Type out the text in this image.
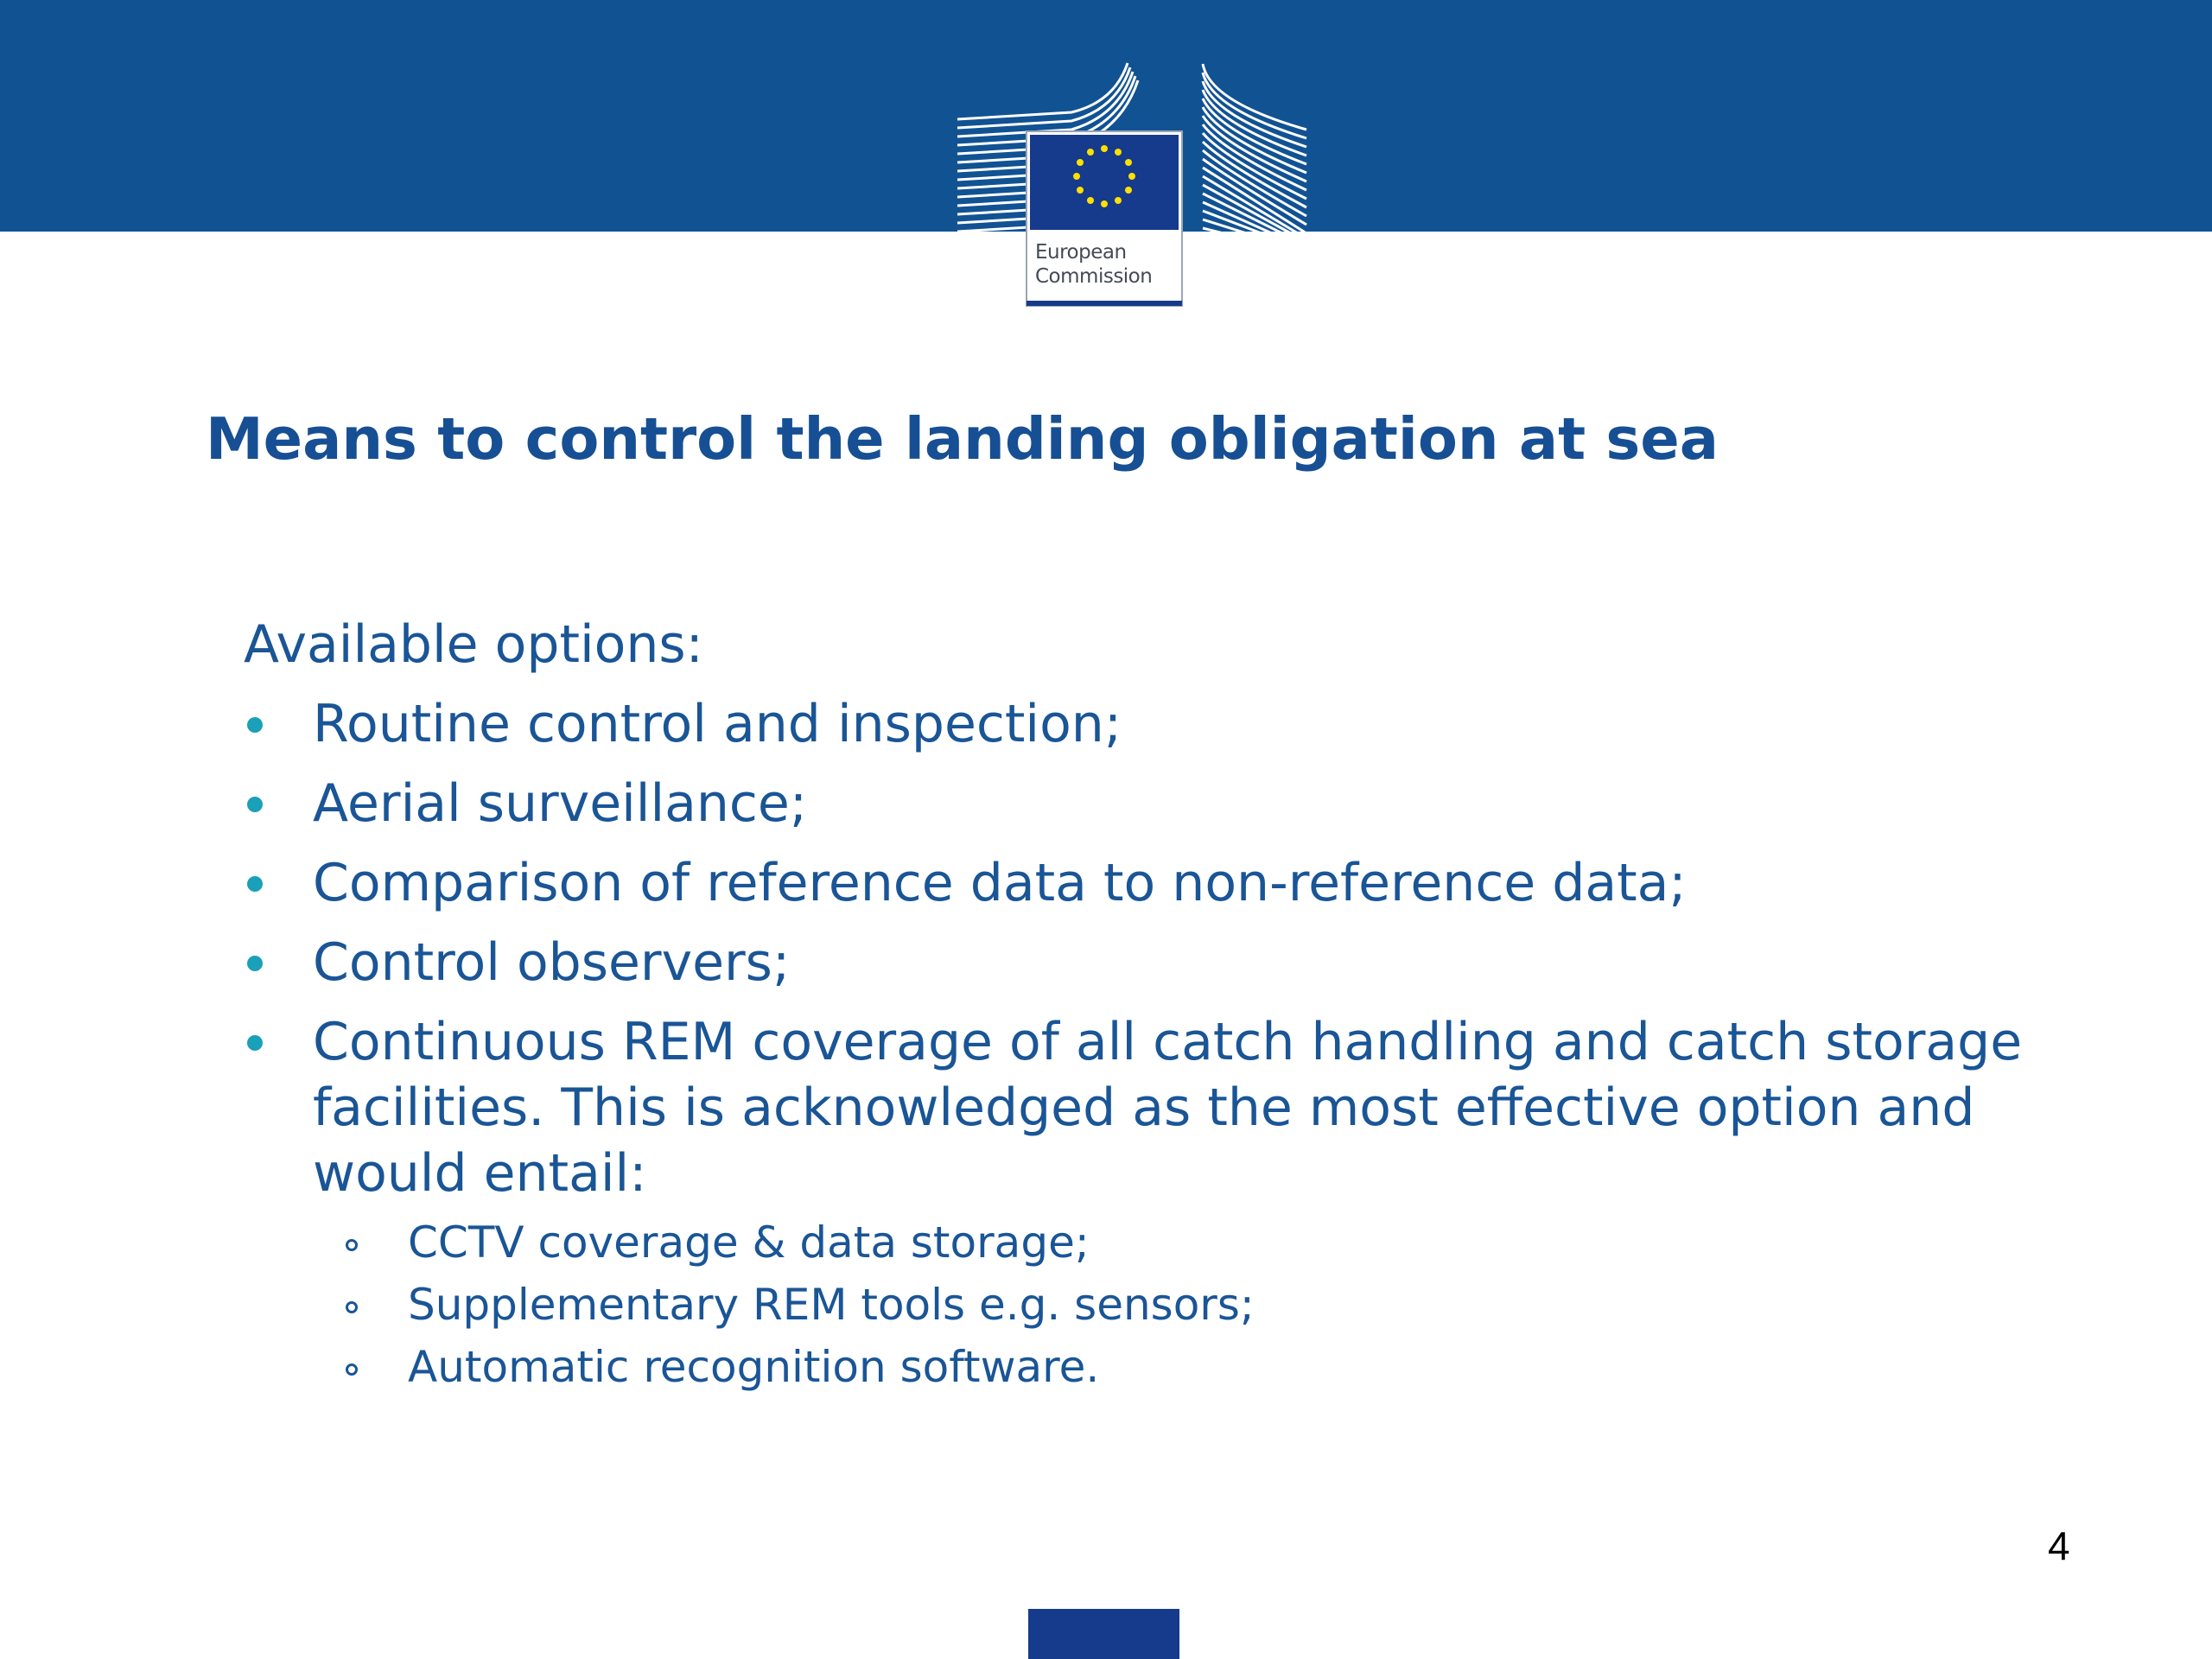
European
Commission
Means to control the landing obligation at sea

Available options:

Routine control and inspection;
Aerial surveillance;
Comparison of reference data to non-reference data;
Control observers;
Continuous REM coverage of all catch handling and catch storage facilities. This is acknowledged as the most effective option and would entail:
CCTV coverage & data storage;
Supplementary REM tools e.g. sensors;
Automatic recognition software.
4
